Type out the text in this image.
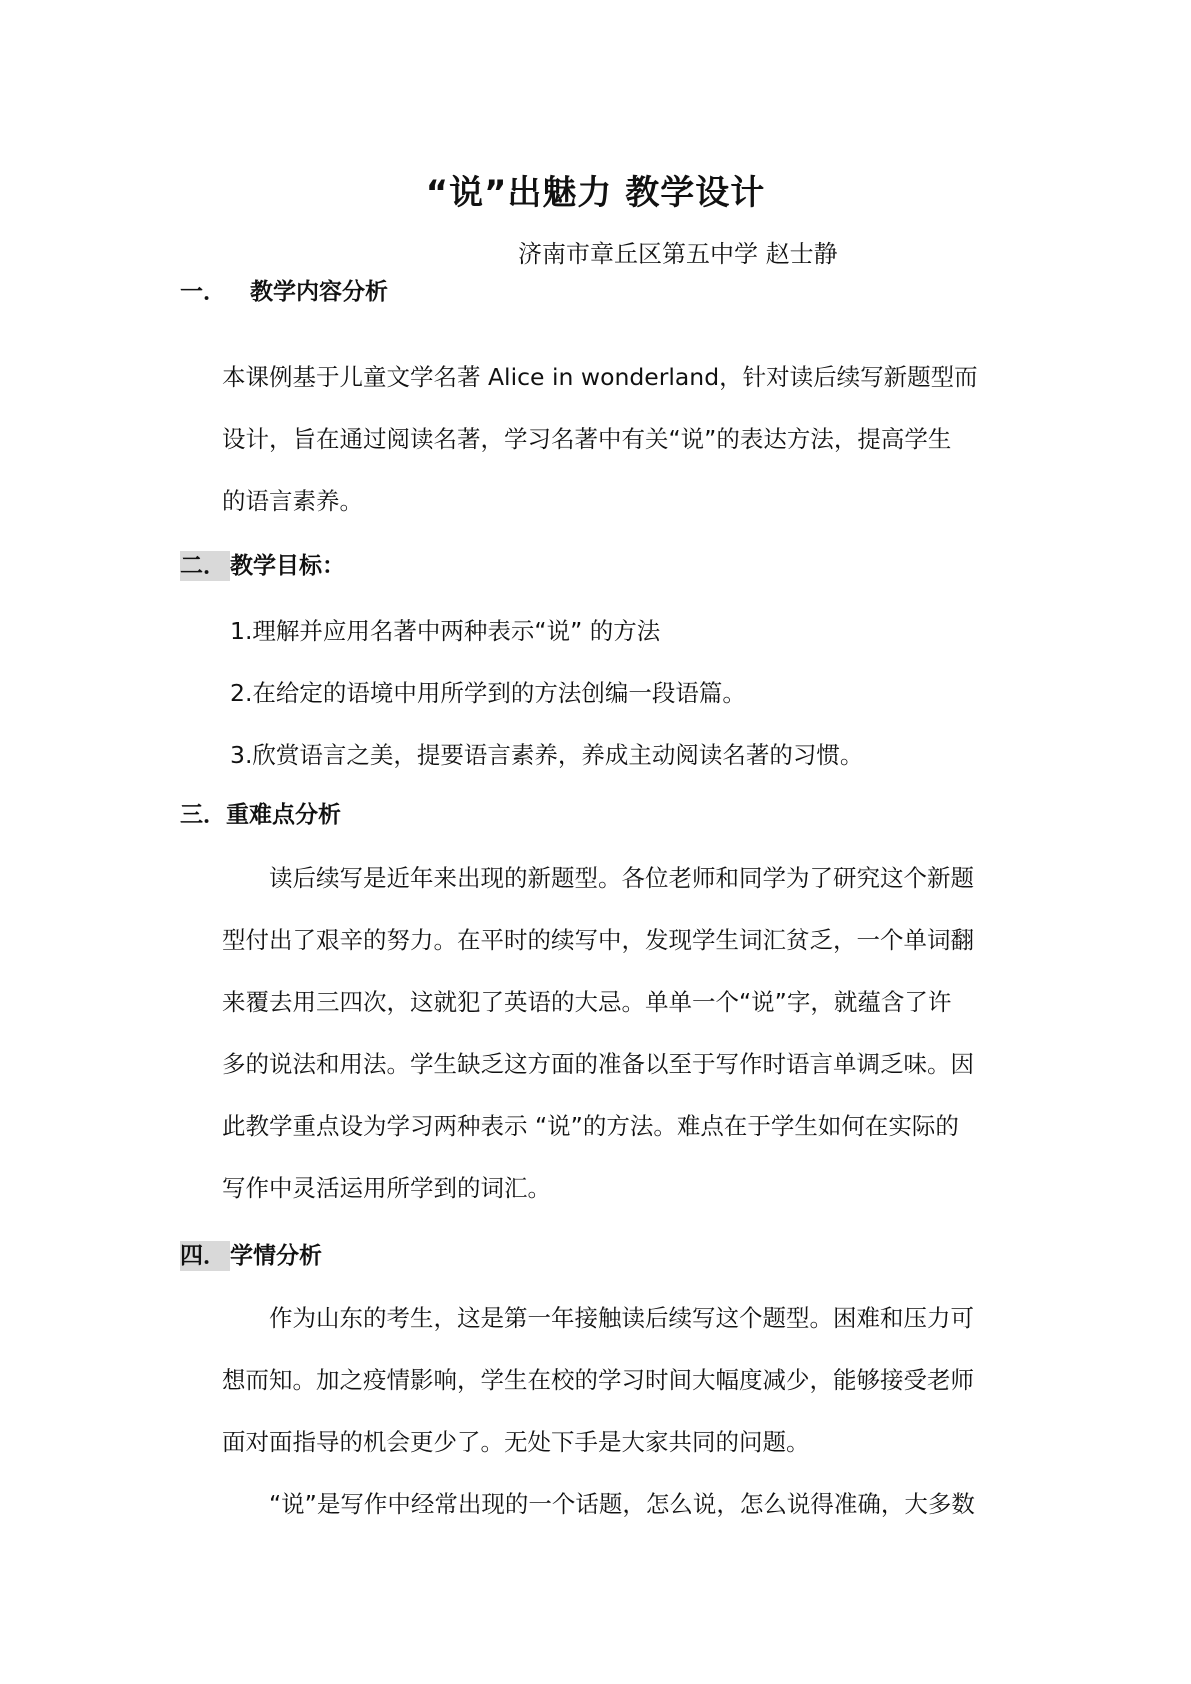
“说”出魅力 教学设计
济南市章丘区第五中学 赵士静
一． 教学内容分析
本课例基于儿童文学名著 Alice in wonderland，针对读后续写新题型而
设计，旨在通过阅读名著，学习名著中有关“说”的表达方法，提高学生
的语言素养。
二． 教学目标：
1.理解并应用名著中两种表示“说” 的方法
2.在给定的语境中用所学到的方法创编一段语篇。
3.欣赏语言之美，提要语言素养，养成主动阅读名著的习惯。
三．重难点分析
读后续写是近年来出现的新题型。各位老师和同学为了研究这个新题
型付出了艰辛的努力。在平时的续写中，发现学生词汇贫乏，一个单词翻
来覆去用三四次，这就犯了英语的大忌。单单一个“说”字，就蕴含了许
多的说法和用法。学生缺乏这方面的准备以至于写作时语言单调乏味。因
此教学重点设为学习两种表示 “说”的方法。难点在于学生如何在实际的
写作中灵活运用所学到的词汇。
四． 学情分析
作为山东的考生，这是第一年接触读后续写这个题型。困难和压力可
想而知。加之疫情影响，学生在校的学习时间大幅度减少，能够接受老师
面对面指导的机会更少了。无处下手是大家共同的问题。
“说”是写作中经常出现的一个话题，怎么说，怎么说得准确，大多数
